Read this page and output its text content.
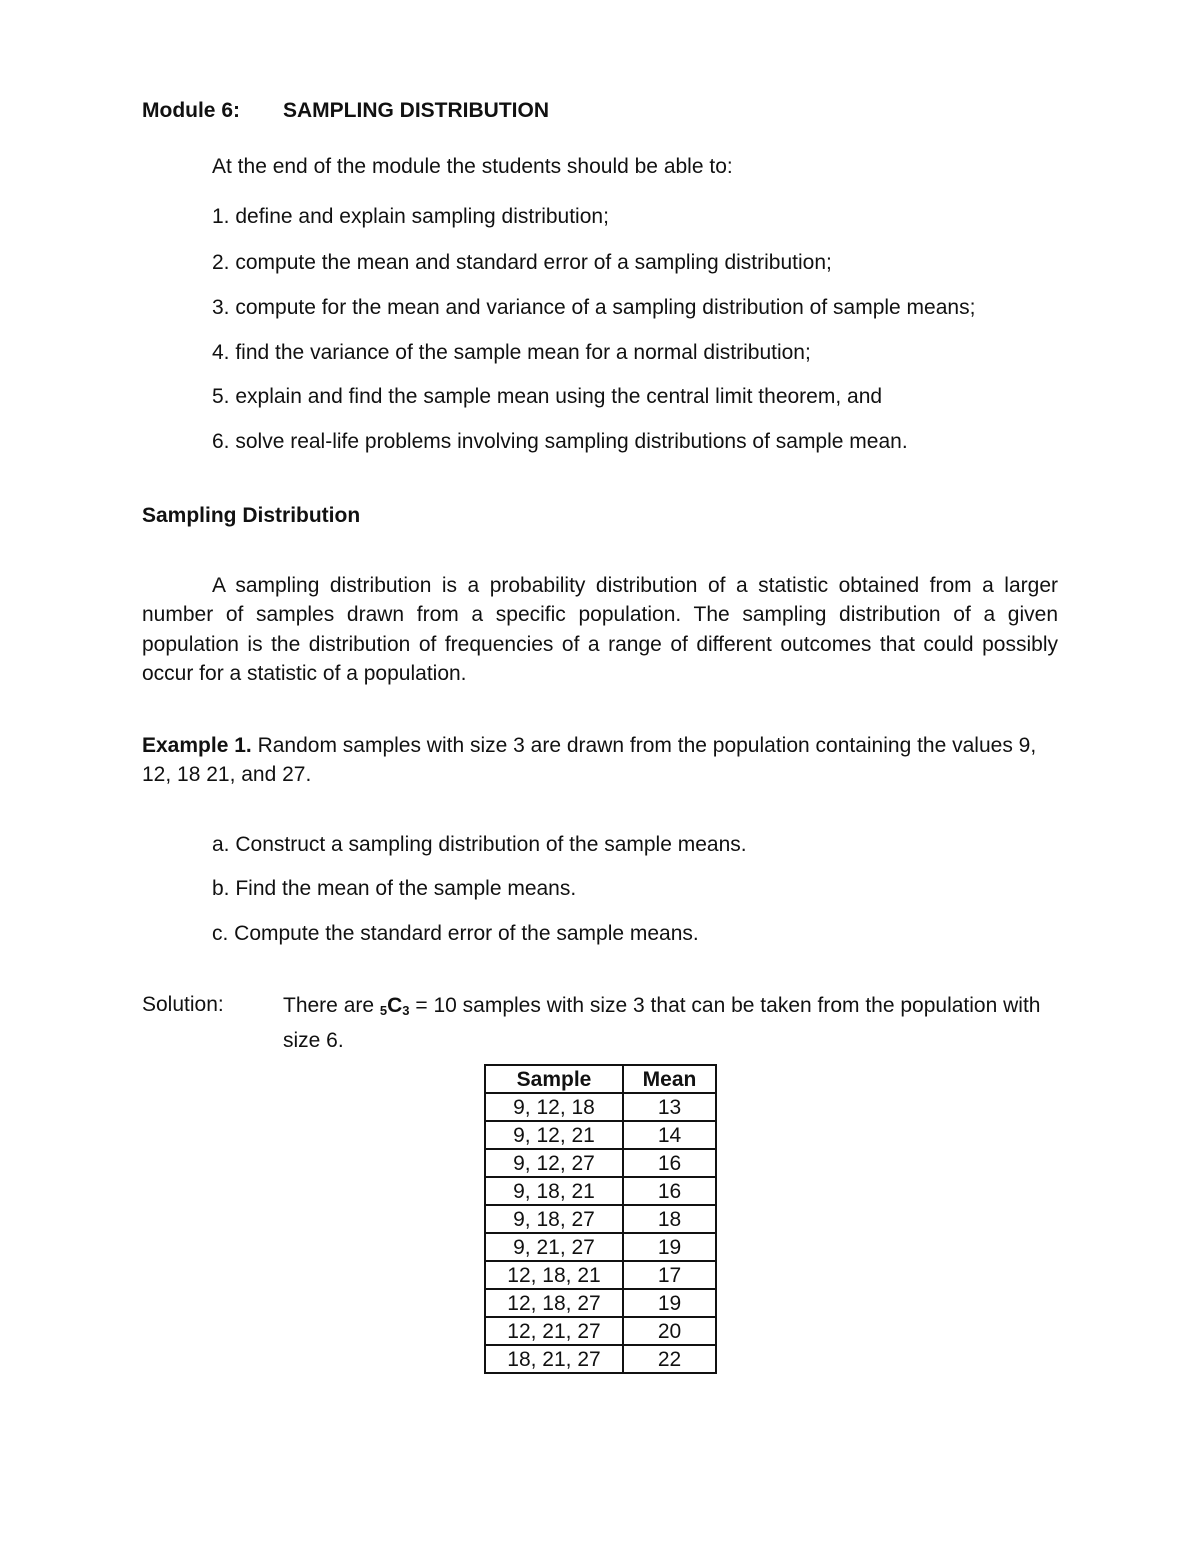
Module 6: SAMPLING DISTRIBUTION
At the end of the module the students should be able to:
1. define and explain sampling distribution;
2. compute the mean and standard error of a sampling distribution;
3. compute for the mean and variance of a sampling distribution of sample means;
4. find the variance of the sample mean for a normal distribution;
5. explain and find the sample mean using the central limit theorem, and
6. solve real-life problems involving sampling distributions of sample mean.
Sampling Distribution

A sampling distribution is a probability distribution of a statistic obtained from a larger number of samples drawn from a specific population. The sampling distribution of a given population is the distribution of frequencies of a range of different outcomes that could possibly occur for a statistic of a population.

Example 1. Random samples with size 3 are drawn from the population containing the values 9, 12, 18 21, and 27.

a. Construct a sampling distribution of the sample means.
b. Find the mean of the sample means.
c. Compute the standard error of the sample means.
Solution:	There are 5C3 = 10 samples with size 3 that can be taken from the population with size 6.

Sample	Mean
9, 12, 18	13
9, 12, 21	14
9, 12, 27	16
9, 18, 21	16
9, 18, 27	18
9, 21, 27	19
12, 18, 21	17
12, 18, 27	19
12, 21, 27	20
18, 21, 27	22
